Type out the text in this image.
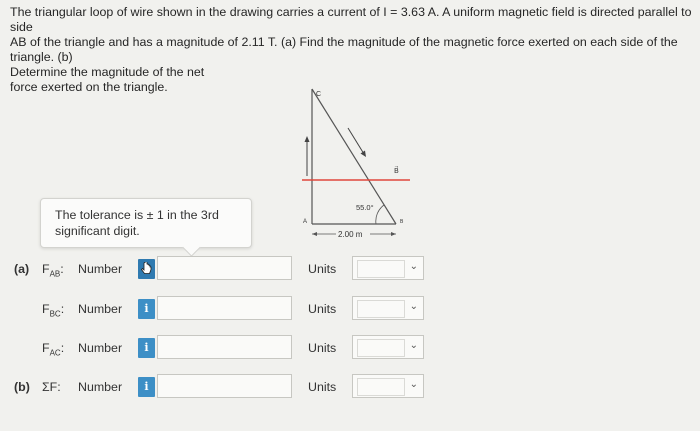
The triangular loop of wire shown in the drawing carries a current of I = 3.63 A. A uniform magnetic field is directed parallel to side

AB of the triangle and has a magnitude of 2.11 T. (a) Find the magnitude of the magnetic force exerted on each side of the triangle. (b)

Determine the magnitude of the net

force exerted on the triangle.

C
A	B
55.0°
2.00 m
B⃗
The tolerance is ± 1 in the 3rd
significant digit.
(a) $F_{AB}$: Number	Units	⌄
$F_{BC}$: Number	i	Units	⌄
$F_{AC}$: Number	i	Units	⌄
(b) ΣF: Number	i	Units	⌄
